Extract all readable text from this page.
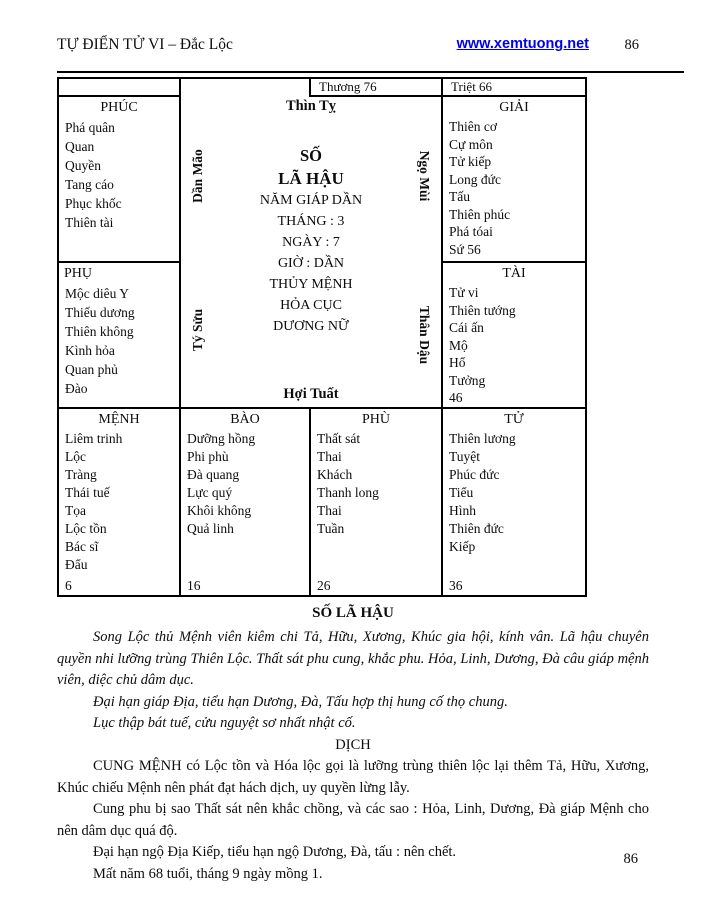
TỰ ĐIỂN TỬ VI – Đắc Lộc	www.xemtuong.net 86
Thương 76	Triệt 66
PHÚC
Phá quân
Quan
Quyền
Tang cáo
Phục khốc
Thiên tài
PHỤ
Mộc diêu Y
Thiếu dương
Thiên không
Kình hỏa
Quan phủ
Đào
GIẢI
Thiên cơ
Cự môn
Tử kiếp
Long đức
Tấu
Thiên phúc
Phá tóai
Sứ 56
TÀI
Tử vi
Thiên tướng
Cái ấn
Mộ
Hổ
Tưởng
46
Thìn Tỵ
SỐ
LÃ HẬU
NĂM GIÁP DẦN
THÁNG : 3
NGÀY : 7
GIỜ : DẦN
THỦY MỆNH
HỎA CỤC
DƯƠNG NỮ
Dần Mão	Ngọ Mùi
Tý Sửu	Thân Dậu
Hợi Tuất
MỆNH
Liêm trinh
Lộc
Tràng
Thái tuế
Tọa
Lộc tồn
Bác sĩ
Đẩu
6
BÀO
Dưỡng hồng
Phi phù
Đà quang
Lực quý
Khôi không
Quả linh
16
PHÙ
Thất sát
Thai
Khách
Thanh long
Thai
Tuần
26
TỬ
Thiên lương
Tuyệt
Phúc đức
Tiểu
Hình
Thiên đức
Kiếp
36
SỐ LÃ HẬU

Song Lộc thủ Mệnh viên kiêm chi Tả, Hữu, Xương, Khúc gia hội, kính vân. Lã hậu chuyên quyền nhi lưỡng trùng Thiên Lộc. Thất sát phu cung, khắc phu. Hỏa, Linh, Dương, Đà câu giáp mệnh viên, diệc chủ dâm dục.

Đại hạn giáp Địa, tiểu hạn Dương, Đà, Tấu hợp thị hung cố thọ chung.

Lục thập bát tuế, cửu nguyệt sơ nhất nhật cố.

DỊCH

CUNG MỆNH có Lộc tồn và Hóa lộc gọi là lưỡng trùng thiên lộc lại thêm Tả, Hữu, Xương, Khúc chiếu Mệnh nên phát đạt hách dịch, uy quyền lừng lẫy.

Cung phu bị sao Thất sát nên khắc chồng, và các sao : Hỏa, Linh, Dương, Đà giáp Mệnh cho nên dâm dục quá độ.

Đại hạn ngộ Địa Kiếp, tiểu hạn ngộ Dương, Đà, tấu : nên chết.

Mất năm 68 tuổi, tháng 9 ngày mồng 1.

86
